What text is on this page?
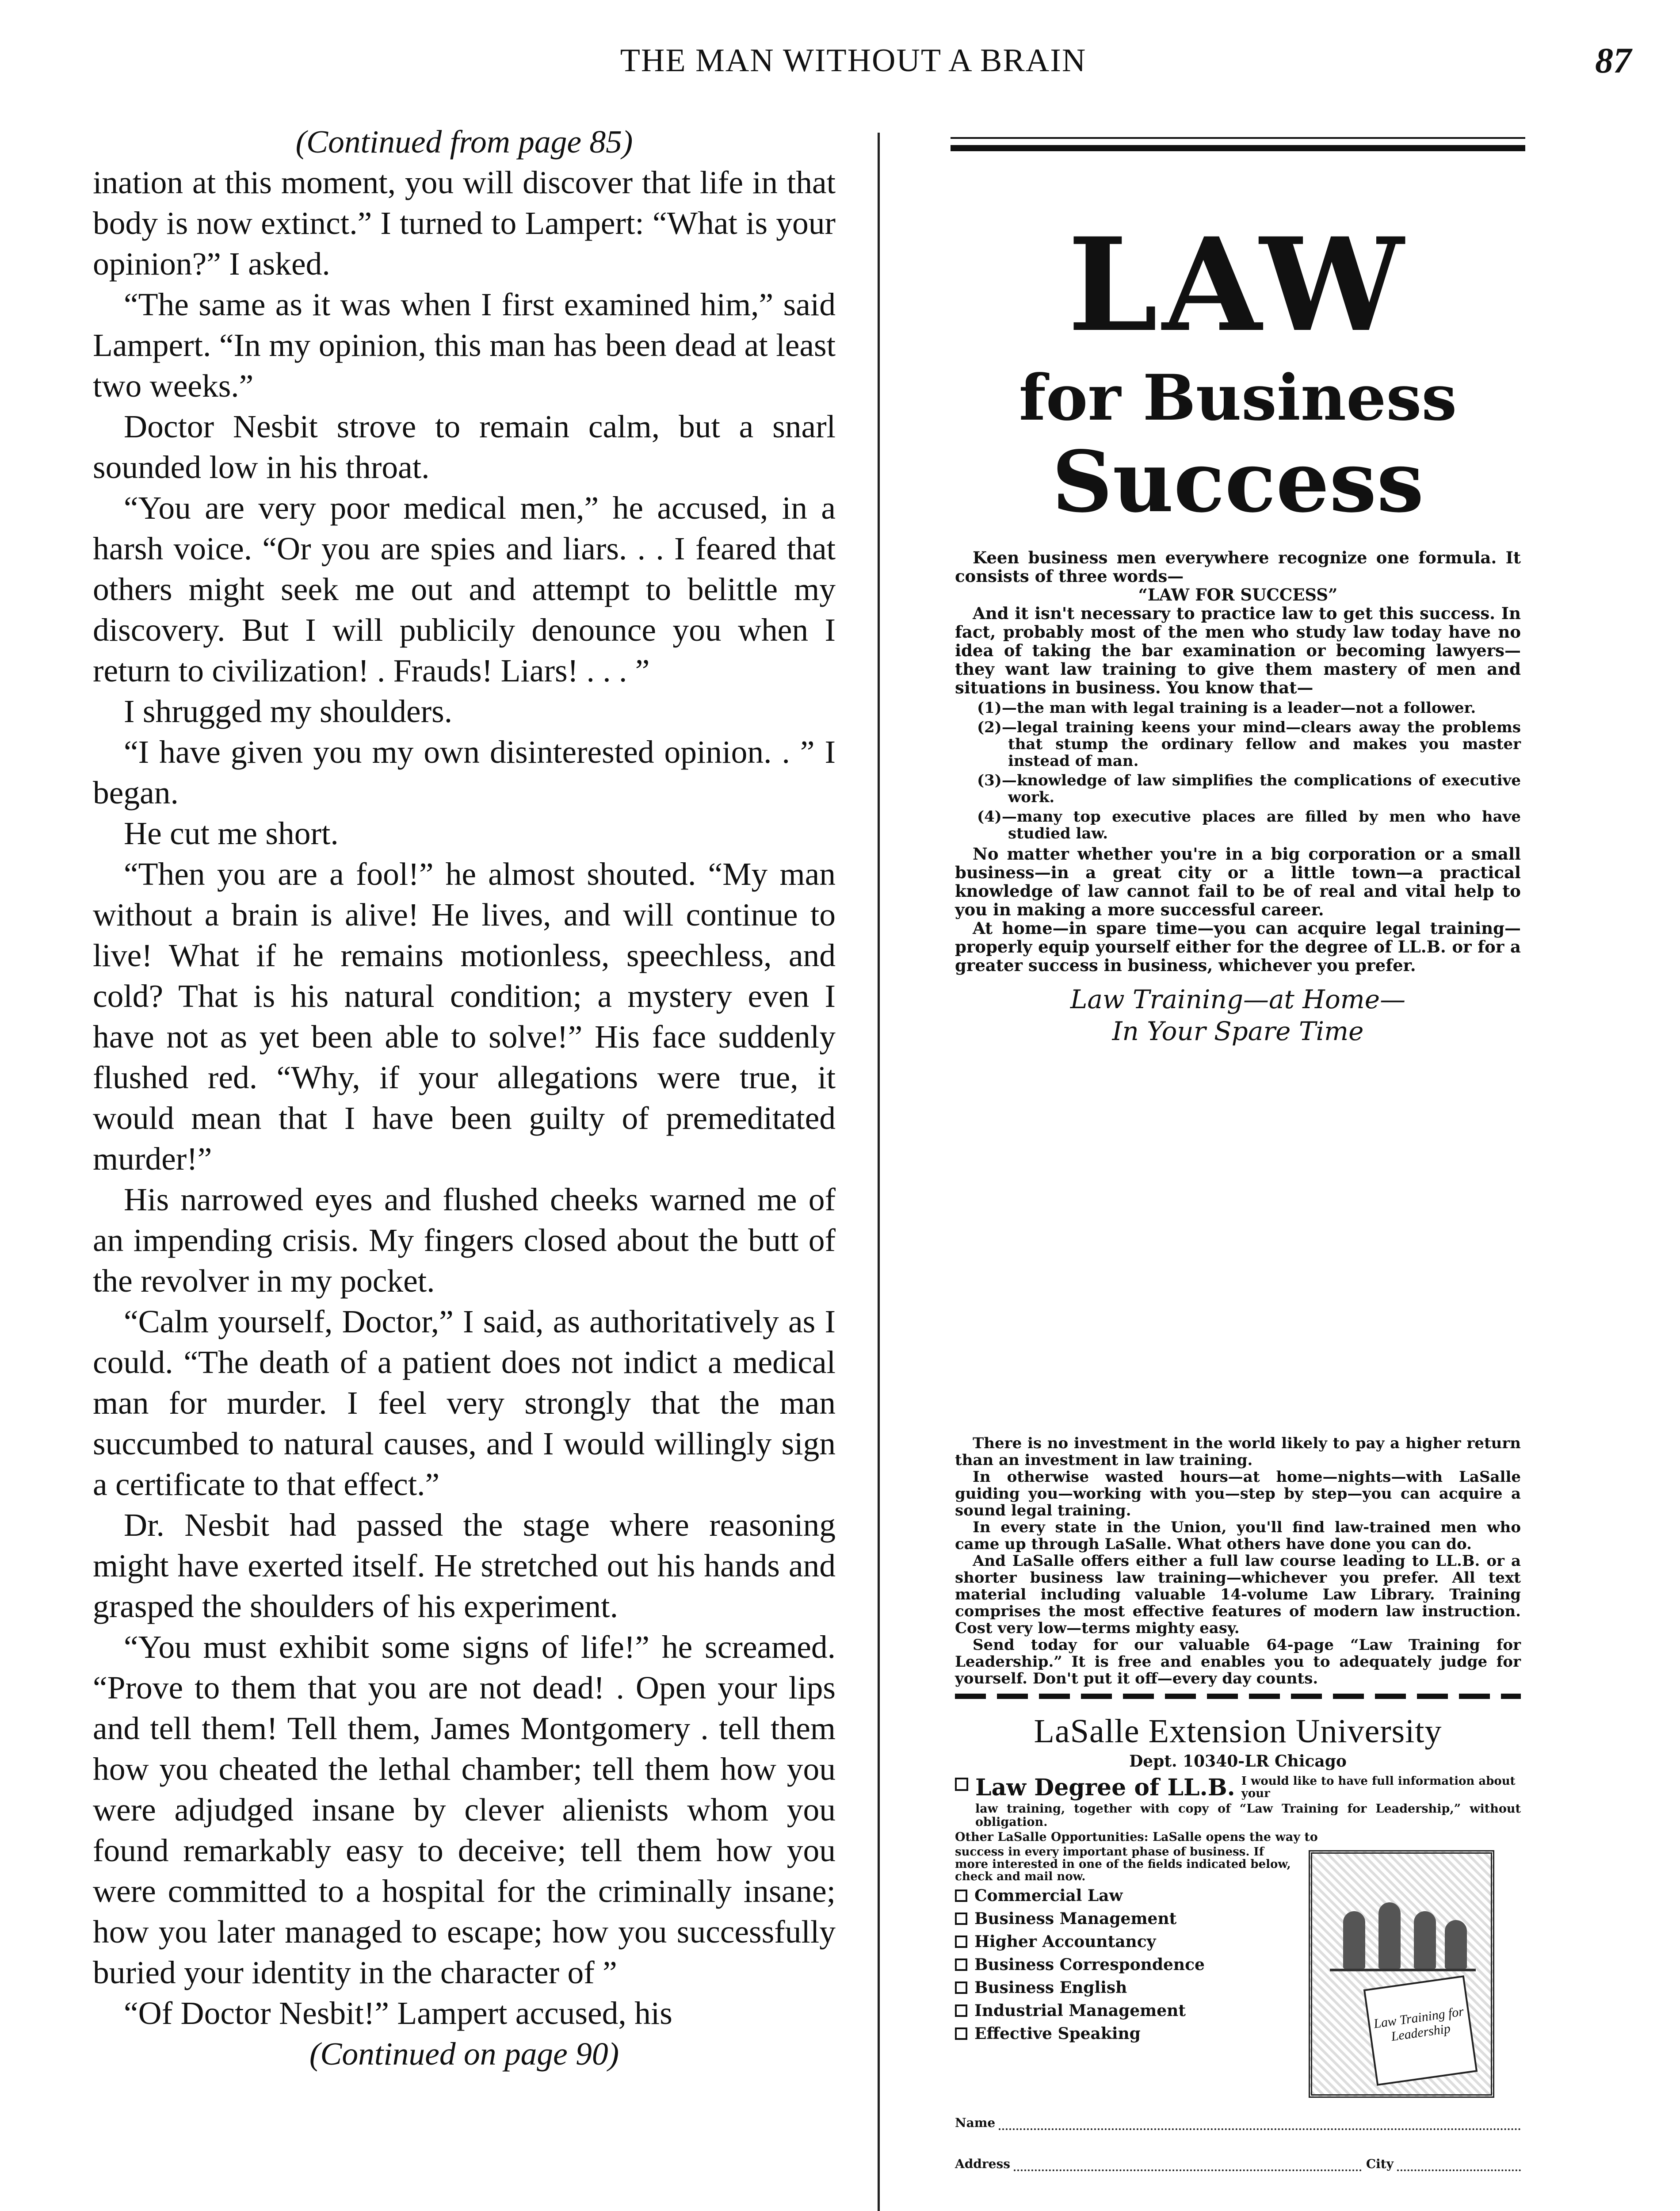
THE MAN WITHOUT A BRAIN	87

(Continued from page 85)

ination at this moment, you will discover that life in that body is now extinct.” I turned to Lampert: “What is your opinion?” I asked.

“The same as it was when I first examined him,” said Lampert. “In my opinion, this man has been dead at least two weeks.”

Doctor Nesbit strove to remain calm, but a snarl sounded low in his throat.

“You are very poor medical men,” he accused, in a harsh voice. “Or you are spies and liars. . . I feared that others might seek me out and attempt to belittle my discovery. But I will publicily denounce you when I return to civilization! . Frauds! Liars! . . . ”

I shrugged my shoulders.

“I have given you my own disinterested opinion. . ” I began.

He cut me short.

“Then you are a fool!” he almost shouted. “My man without a brain is alive! He lives, and will continue to live! What if he remains motionless, speechless, and cold? That is his natural condition; a mystery even I have not as yet been able to solve!” His face suddenly flushed red. “Why, if your allegations were true, it would mean that I have been guilty of premeditated murder!”

His narrowed eyes and flushed cheeks warned me of an impending crisis. My fingers closed about the butt of the revolver in my pocket.

“Calm yourself, Doctor,” I said, as authoritatively as I could. “The death of a patient does not indict a medical man for murder. I feel very strongly that the man succumbed to natural causes, and I would willingly sign a certificate to that effect.”

Dr. Nesbit had passed the stage where reasoning might have exerted itself. He stretched out his hands and grasped the shoulders of his experiment.

“You must exhibit some signs of life!” he screamed. “Prove to them that you are not dead! . Open your lips and tell them! Tell them, James Montgomery . tell them how you cheated the lethal chamber; tell them how you were adjudged insane by clever alienists whom you found remarkably easy to deceive; tell them how you were committed to a hospital for the criminally insane; how you later managed to escape; how you successfully buried your identity in the character of ”

“Of Doctor Nesbit!” Lampert accused, his

(Continued on page 90)

LAW
for Business
Success

Keen business men everywhere recognize one formula. It consists of three words—

“LAW FOR SUCCESS”

And it isn't necessary to practice law to get this success. In fact, probably most of the men who study law today have no idea of taking the bar examination or becoming lawyers—they want law training to give them mastery of men and situations in business. You know that—

(1)—the man with legal training is a leader—not a follower.
(2)—legal training keens your mind—clears away the problems that stump the ordinary fellow and makes you master instead of man.
(3)—knowledge of law simplifies the complications of executive work.
(4)—many top executive places are filled by men who have studied law.

No matter whether you're in a big corporation or a small business—in a great city or a little town—a practical knowledge of law cannot fail to be of real and vital help to you in making a more successful career.

At home—in spare time—you can acquire legal training—properly equip yourself either for the degree of LL.B. or for a greater success in business, whichever you prefer.

Law Training—at Home—
In Your Spare Time

There is no investment in the world likely to pay a higher return than an investment in law training.

In otherwise wasted hours—at home—nights—with LaSalle guiding you—working with you—step by step—you can acquire a sound legal training.

In every state in the Union, you'll find law-trained men who came up through LaSalle. What others have done you can do.

And LaSalle offers either a full law course leading to LL.B. or a shorter business law training—whichever you prefer. All text material including valuable 14-volume Law Library. Training comprises the most effective features of modern law instruction. Cost very low—terms mighty easy.

Send today for our valuable 64-page “Law Training for Leadership.” It is free and enables you to adequately judge for yourself. Don't put it off—every day counts.

LaSalle Extension University
Dept. 10340-LR Chicago
Law Degree of LL.B. I would like to have full information about your
law training, together with copy of “Law Training for Leadership,” without obligation.
Other LaSalle Opportunities: LaSalle opens the way to
success in every important phase of business. If more interested in one of the fields indicated below, check and mail now.
Commercial Law
Business Management
Higher Accountancy
Business Correspondence
Business English
Industrial Management
Effective Speaking
Law Training for Leadership
Name
Address	City
